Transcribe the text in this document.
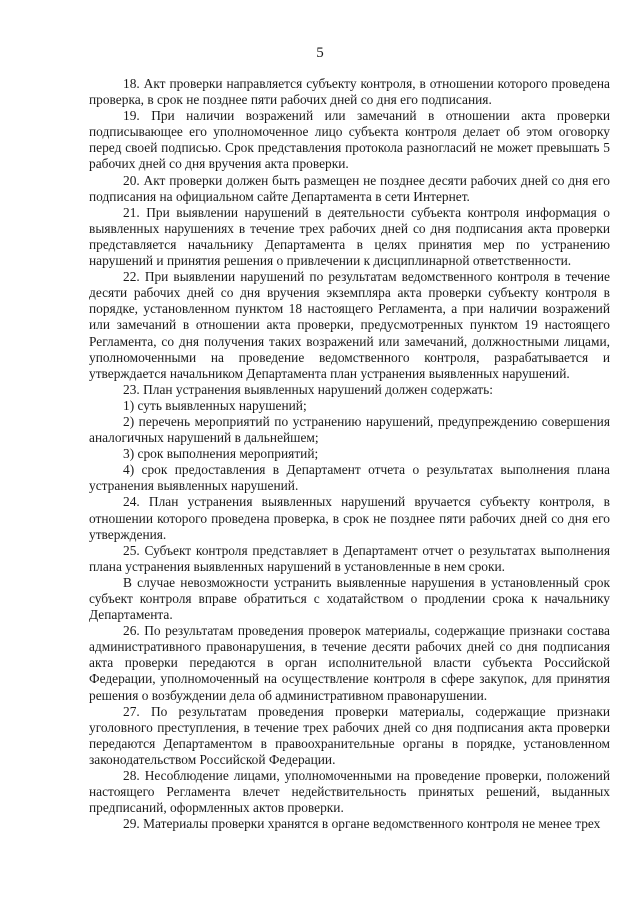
5

18. Акт проверки направляется субъекту контроля, в отношении которого проведена проверка, в срок не позднее пяти рабочих дней со дня его подписания.

19. При наличии возражений или замечаний в отношении акта проверки подписывающее его уполномоченное лицо субъекта контроля делает об этом оговорку перед своей подписью. Срок представления протокола разногласий не может превышать 5 рабочих дней со дня вручения акта проверки.

20. Акт проверки должен быть размещен не позднее десяти рабочих дней со дня его подписания на официальном сайте Департамента в сети Интернет.

21. При выявлении нарушений в деятельности субъекта контроля информация о выявленных нарушениях в течение трех рабочих дней со дня подписания акта проверки представляется начальнику Департамента в целях принятия мер по устранению нарушений и принятия решения о привлечении к дисциплинарной ответственности.

22. При выявлении нарушений по результатам ведомственного контроля в течение десяти рабочих дней со дня вручения экземпляра акта проверки субъекту контроля в порядке, установленном пунктом 18 настоящего Регламента, а при наличии возражений или замечаний в отношении акта проверки, предусмотренных пунктом 19 настоящего Регламента, со дня получения таких возражений или замечаний, должностными лицами, уполномоченными на проведение ведомственного контроля, разрабатывается и утверждается начальником Департамента план устранения выявленных нарушений.

23. План устранения выявленных нарушений должен содержать:

1) суть выявленных нарушений;

2) перечень мероприятий по устранению нарушений, предупреждению совершения аналогичных нарушений в дальнейшем;

3) срок выполнения мероприятий;

4) срок предоставления в Департамент отчета о результатах выполнения плана устранения выявленных нарушений.

24. План устранения выявленных нарушений вручается субъекту контроля, в отношении которого проведена проверка, в срок не позднее пяти рабочих дней со дня его утверждения.

25. Субъект контроля представляет в Департамент отчет о результатах выполнения плана устранения выявленных нарушений в установленные в нем сроки.

В случае невозможности устранить выявленные нарушения в установленный срок субъект контроля вправе обратиться с ходатайством о продлении срока к начальнику Департамента.

26. По результатам проведения проверок материалы, содержащие признаки состава административного правонарушения, в течение десяти рабочих дней со дня подписания акта проверки передаются в орган исполнительной власти субъекта Российской Федерации, уполномоченный на осуществление контроля в сфере закупок, для принятия решения о возбуждении дела об административном правонарушении.

27. По результатам проведения проверки материалы, содержащие признаки уголовного преступления, в течение трех рабочих дней со дня подписания акта проверки передаются Департаментом в правоохранительные органы в порядке, установленном законодательством Российской Федерации.

28. Несоблюдение лицами, уполномоченными на проведение проверки, положений настоящего Регламента влечет недействительность принятых решений, выданных предписаний, оформленных актов проверки.

29. Материалы проверки хранятся в органе ведомственного контроля не менее трех
